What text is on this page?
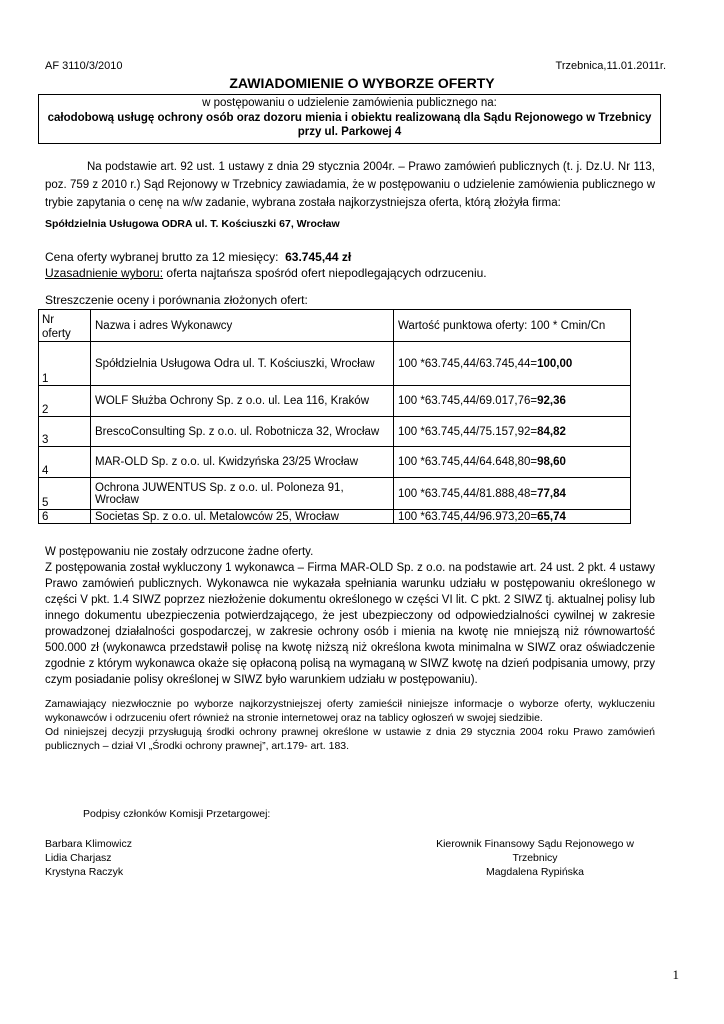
AF 3110/3/2010	Trzebnica,11.01.2011r.
ZAWIADOMIENIE O WYBORZE OFERTY
w postępowaniu o udzielenie zamówienia publicznego na:
całodobową usługę ochrony osób oraz dozoru mienia i obiektu realizowaną dla Sądu Rejonowego w Trzebnicy
przy ul. Parkowej 4
Na podstawie art. 92 ust. 1 ustawy z dnia 29 stycznia 2004r. – Prawo zamówień publicznych (t. j. Dz.U. Nr 113, poz. 759 z 2010 r.) Sąd Rejonowy w Trzebnicy zawiadamia, że w postępowaniu o udzielenie zamówienia publicznego w trybie zapytania o cenę na w/w zadanie, wybrana została najkorzystniejsza oferta, którą złożyła firma:
Spółdzielnia Usługowa ODRA ul. T. Kościuszki 67, Wrocław
Cena oferty wybranej brutto za 12 miesięcy: 63.745,44 zł
Uzasadnienie wyboru: oferta najtańsza spośród ofert niepodlegających odrzuceniu.
Streszczenie oceny i porównania złożonych ofert:
Nr oferty	Nazwa i adres Wykonawcy	Wartość punktowa oferty: 100 * Cmin/Cn
1	Spółdzielnia Usługowa Odra ul. T. Kościuszki, Wrocław	100 *63.745,44/63.745,44=100,00
2	WOLF Służba Ochrony Sp. z o.o. ul. Lea 116, Kraków	100 *63.745,44/69.017,76=92,36
3	BrescoConsulting Sp. z o.o. ul. Robotnicza 32, Wrocław	100 *63.745,44/75.157,92=84,82
4	MAR-OLD Sp. z o.o. ul. Kwidzyńska 23/25 Wrocław	100 *63.745,44/64.648,80=98,60
5	Ochrona JUWENTUS Sp. z o.o. ul. Poloneza 91, Wrocław	100 *63.745,44/81.888,48=77,84
6	Societas Sp. z o.o. ul. Metalowców 25, Wrocław	100 *63.745,44/96.973,20=65,74
W postępowaniu nie zostały odrzucone żadne oferty.
Z postępowania został wykluczony 1 wykonawca – Firma MAR-OLD Sp. z o.o. na podstawie art. 24 ust. 2 pkt. 4 ustawy Prawo zamówień publicznych. Wykonawca nie wykazała spełniania warunku udziału w postępowaniu określonego w części V pkt. 1.4 SIWZ poprzez niezłożenie dokumentu określonego w części VI lit. C pkt. 2 SIWZ tj. aktualnej polisy lub innego dokumentu ubezpieczenia potwierdzającego, że jest ubezpieczony od odpowiedzialności cywilnej w zakresie prowadzonej działalności gospodarczej, w zakresie ochrony osób i mienia na kwotę nie mniejszą niż równowartość 500.000 zł (wykonawca przedstawił polisę na kwotę niższą niż określona kwota minimalna w SIWZ oraz oświadczenie zgodnie z którym wykonawca okaże się opłaconą polisą na wymaganą w SIWZ kwotę na dzień podpisania umowy, przy czym posiadanie polisy określonej w SIWZ było warunkiem udziału w postępowaniu).
Zamawiający niezwłocznie po wyborze najkorzystniejszej oferty zamieścił niniejsze informacje o wyborze oferty, wykluczeniu wykonawców i odrzuceniu ofert również na stronie internetowej oraz na tablicy ogłoszeń w swojej siedzibie.
Od niniejszej decyzji przysługują środki ochrony prawnej określone w ustawie z dnia 29 stycznia 2004 roku Prawo zamówień publicznych – dział VI „Środki ochrony prawnej”, art.179- art. 183.
Podpisy członków Komisji Przetargowej:
Barbara Klimowicz
Lidia Charjasz
Krystyna Raczyk
Kierownik Finansowy Sądu Rejonowego w Trzebnicy
Magdalena Rypińska
1
